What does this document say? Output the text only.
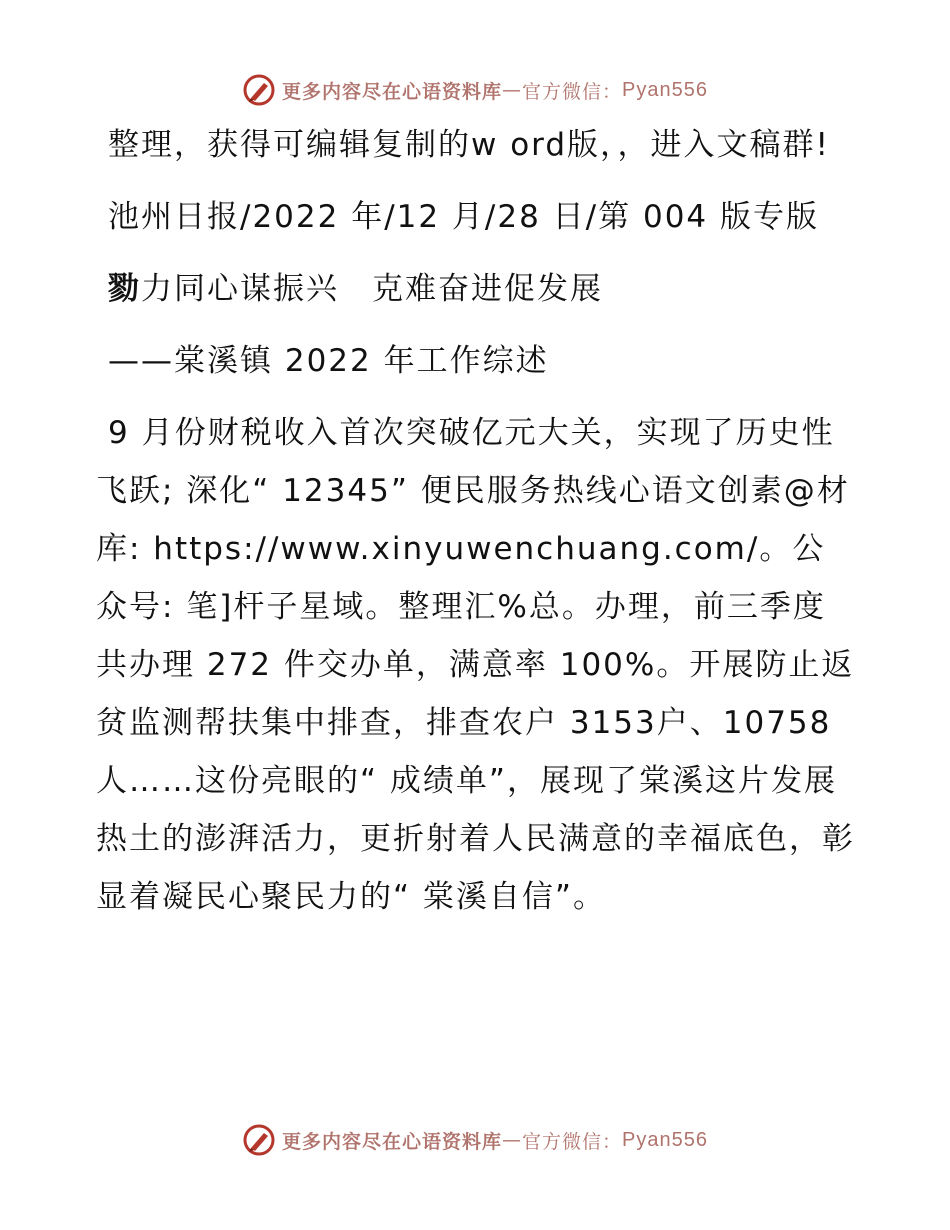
更多内容尽在心语资料库 — 官方微信： Pyan556

整理，获得可编辑复制的w ord版，，进入文稿群!

池州日报/2022 年/12 月/28 日/第 004 版专版

勠力同心谋振兴　克难奋进促发展

——棠溪镇 2022 年工作综述

9 月份财税收入首次突破亿元大关，实现了历史性飞跃; 深化“ 12345” 便民服务热线心语文创素@材库: https://www.xinyuwenchuang.com/。公众号: 笔]杆子星域。整理汇%总。办理，前三季度共办理 272 件交办单，满意率 100%。开展防止返贫监测帮扶集中排查，排查农户 3153户、10758 人……这份亮眼的“ 成绩单”，展现了棠溪这片发展热土的澎湃活力，更折射着人民满意的幸福底色，彰显着凝民心聚民力的“ 棠溪自信”。

更多内容尽在心语资料库 — 官方微信： Pyan556
